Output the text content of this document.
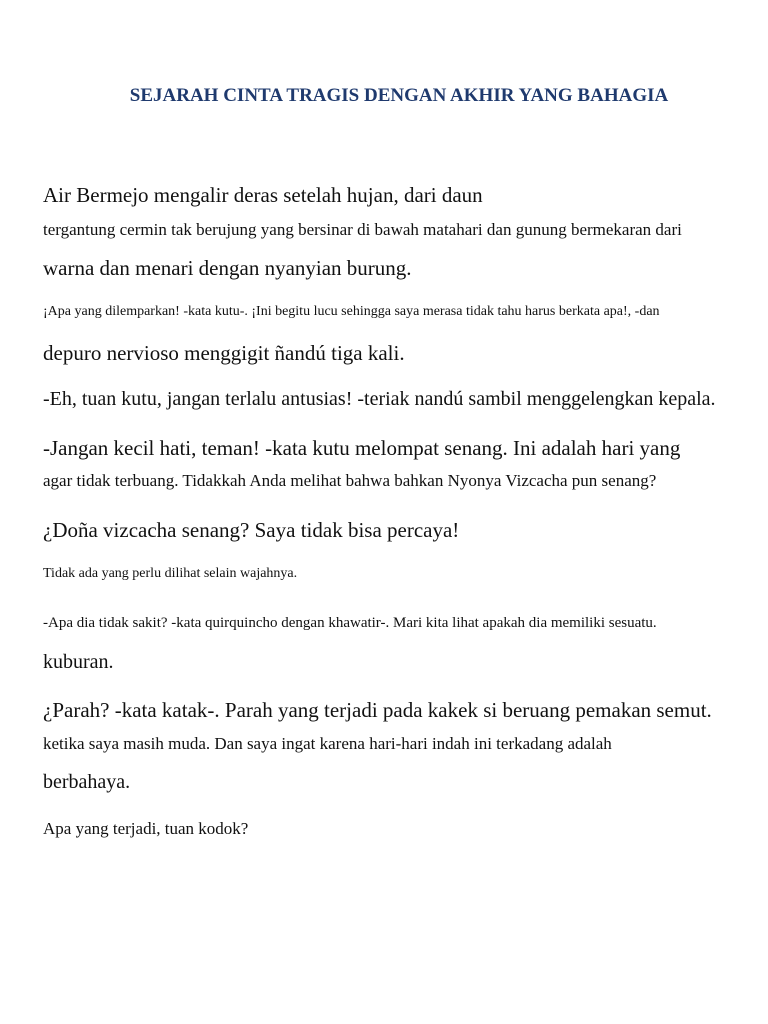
SEJARAH CINTA TRAGIS DENGAN AKHIR YANG BAHAGIA
Air Bermejo mengalir deras setelah hujan, dari daun
tergantung cermin tak berujung yang bersinar di bawah matahari dan gunung bermekaran dari
warna dan menari dengan nyanyian burung.
¡Apa yang dilemparkan! -kata kutu-. ¡Ini begitu lucu sehingga saya merasa tidak tahu harus berkata apa!, -dan
depuro nervioso menggigit ñandú tiga kali.
-Eh, tuan kutu, jangan terlalu antusias! -teriak nandú sambil menggelengkan kepala.
-Jangan kecil hati, teman! -kata kutu melompat senang. Ini adalah hari yang
agar tidak terbuang. Tidakkah Anda melihat bahwa bahkan Nyonya Vizcacha pun senang?
¿Doña vizcacha senang? Saya tidak bisa percaya!
Tidak ada yang perlu dilihat selain wajahnya.
-Apa dia tidak sakit? -kata quirquincho dengan khawatir-. Mari kita lihat apakah dia memiliki sesuatu.
kuburan.
¿Parah? -kata katak-. Parah yang terjadi pada kakek si beruang pemakan semut.
ketika saya masih muda. Dan saya ingat karena hari-hari indah ini terkadang adalah
berbahaya.
Apa yang terjadi, tuan kodok?
